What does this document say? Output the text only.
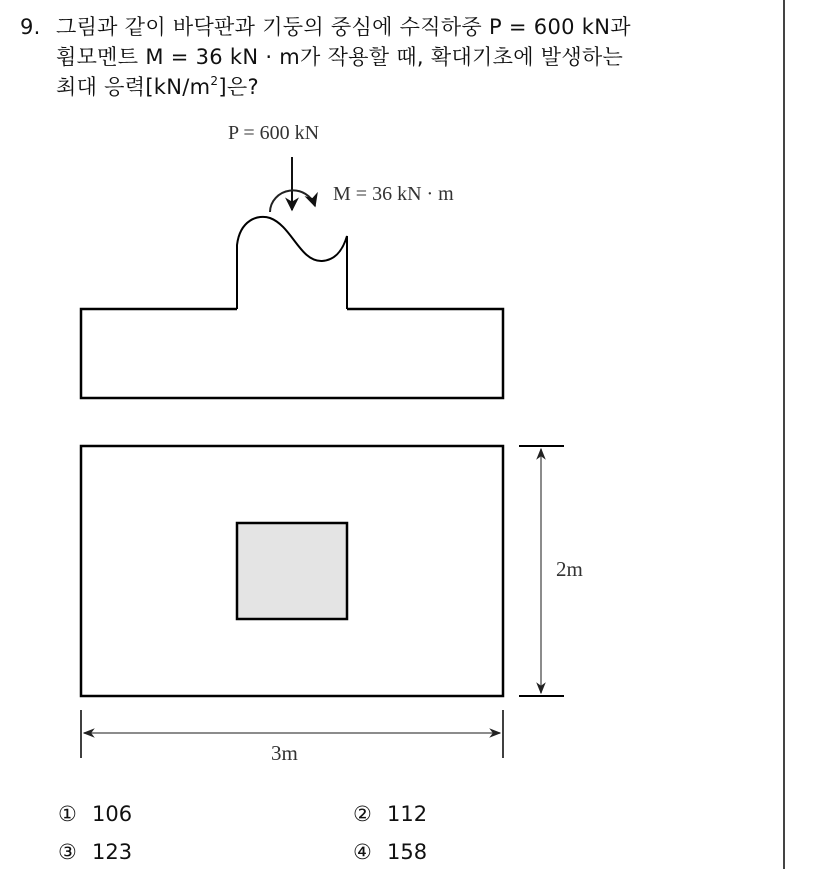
9. 그림과 같이 바닥판과 기둥의 중심에 수직하중 P = 600 kN과
휨모멘트 M = 36 kN · m가 작용할 때, 확대기초에 발생하는
최대 응력$[kN/m^2]$은?
P = 600 kN
M = 36 kN · m
2m
3m
① 106	② 112
③ 123	④ 158
